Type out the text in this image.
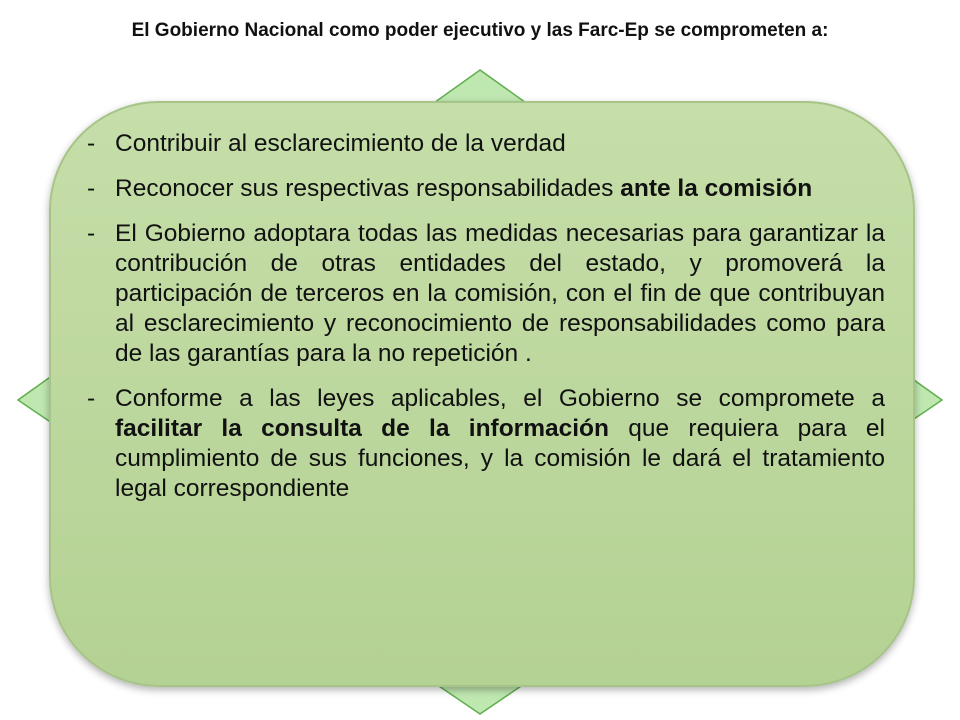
El Gobierno Nacional como poder ejecutivo y las Farc-Ep se comprometen a:
- Contribuir al esclarecimiento de la verdad
- Reconocer sus respectivas responsabilidades ante la comisión
- El Gobierno adoptara todas las medidas necesarias para garantizar la contribución de otras entidades del estado, y promoverá la participación de terceros en la comisión, con el fin de que contribuyan al esclarecimiento y reconocimiento de responsabilidades como para de las garantías para la no repetición .
- Conforme a las leyes aplicables, el Gobierno se compromete a facilitar la consulta de la información que requiera para el cumplimiento de sus funciones, y la comisión le dará el tratamiento legal correspondiente
